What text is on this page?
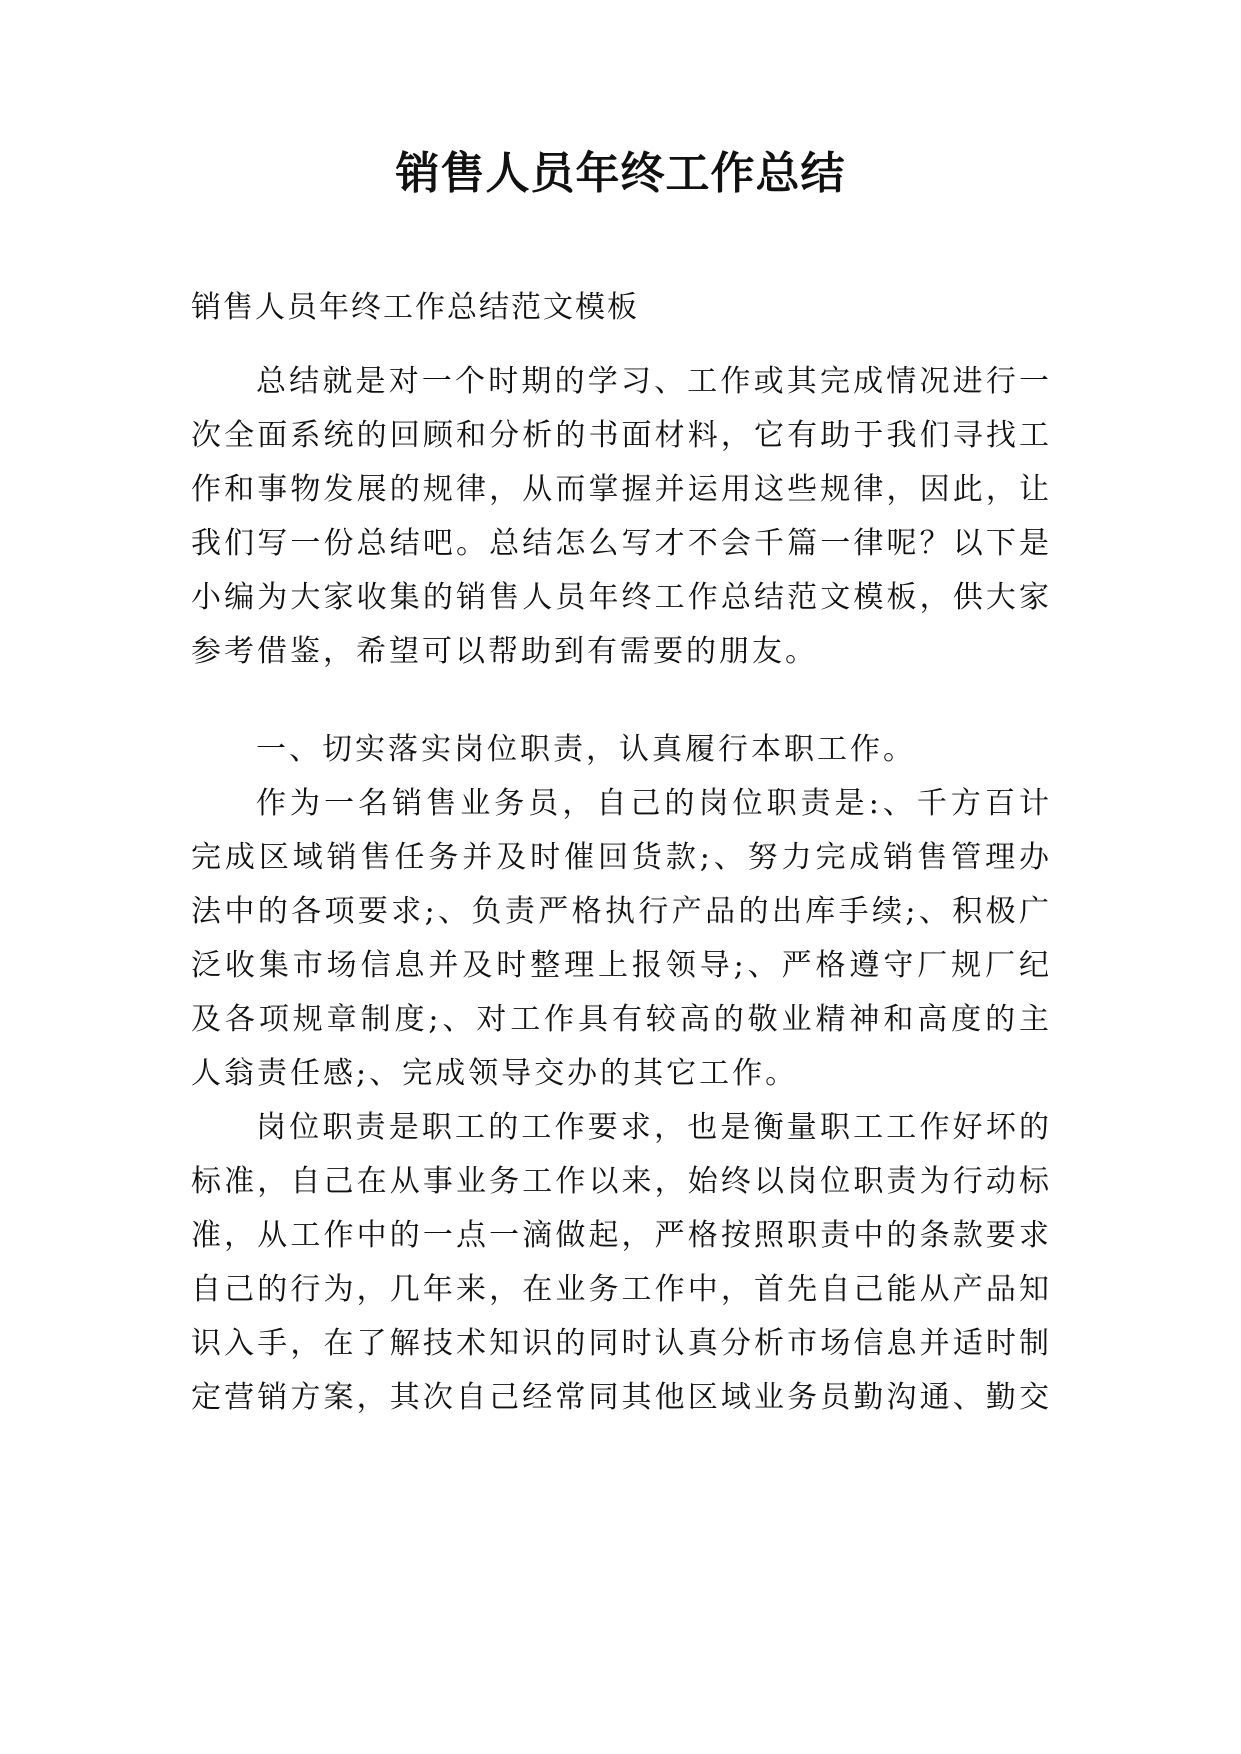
销售人员年终工作总结
销售人员年终工作总结范文模板
总结就是对一个时期的学习、工作或其完成情况进行一
次全面系统的回顾和分析的书面材料，它有助于我们寻找工
作和事物发展的规律，从而掌握并运用这些规律，因此，让
我们写一份总结吧。总结怎么写才不会千篇一律呢？以下是
小编为大家收集的销售人员年终工作总结范文模板，供大家
参考借鉴，希望可以帮助到有需要的朋友。
一、切实落实岗位职责，认真履行本职工作。
作为一名销售业务员，自己的岗位职责是:、千方百计
完成区域销售任务并及时催回货款;、努力完成销售管理办
法中的各项要求;、负责严格执行产品的出库手续;、积极广
泛收集市场信息并及时整理上报领导;、严格遵守厂规厂纪
及各项规章制度;、对工作具有较高的敬业精神和高度的主
人翁责任感;、完成领导交办的其它工作。
岗位职责是职工的工作要求，也是衡量职工工作好坏的
标准，自己在从事业务工作以来，始终以岗位职责为行动标
准，从工作中的一点一滴做起，严格按照职责中的条款要求
自己的行为，几年来，在业务工作中，首先自己能从产品知
识入手，在了解技术知识的同时认真分析市场信息并适时制
定营销方案，其次自己经常同其他区域业务员勤沟通、勤交
